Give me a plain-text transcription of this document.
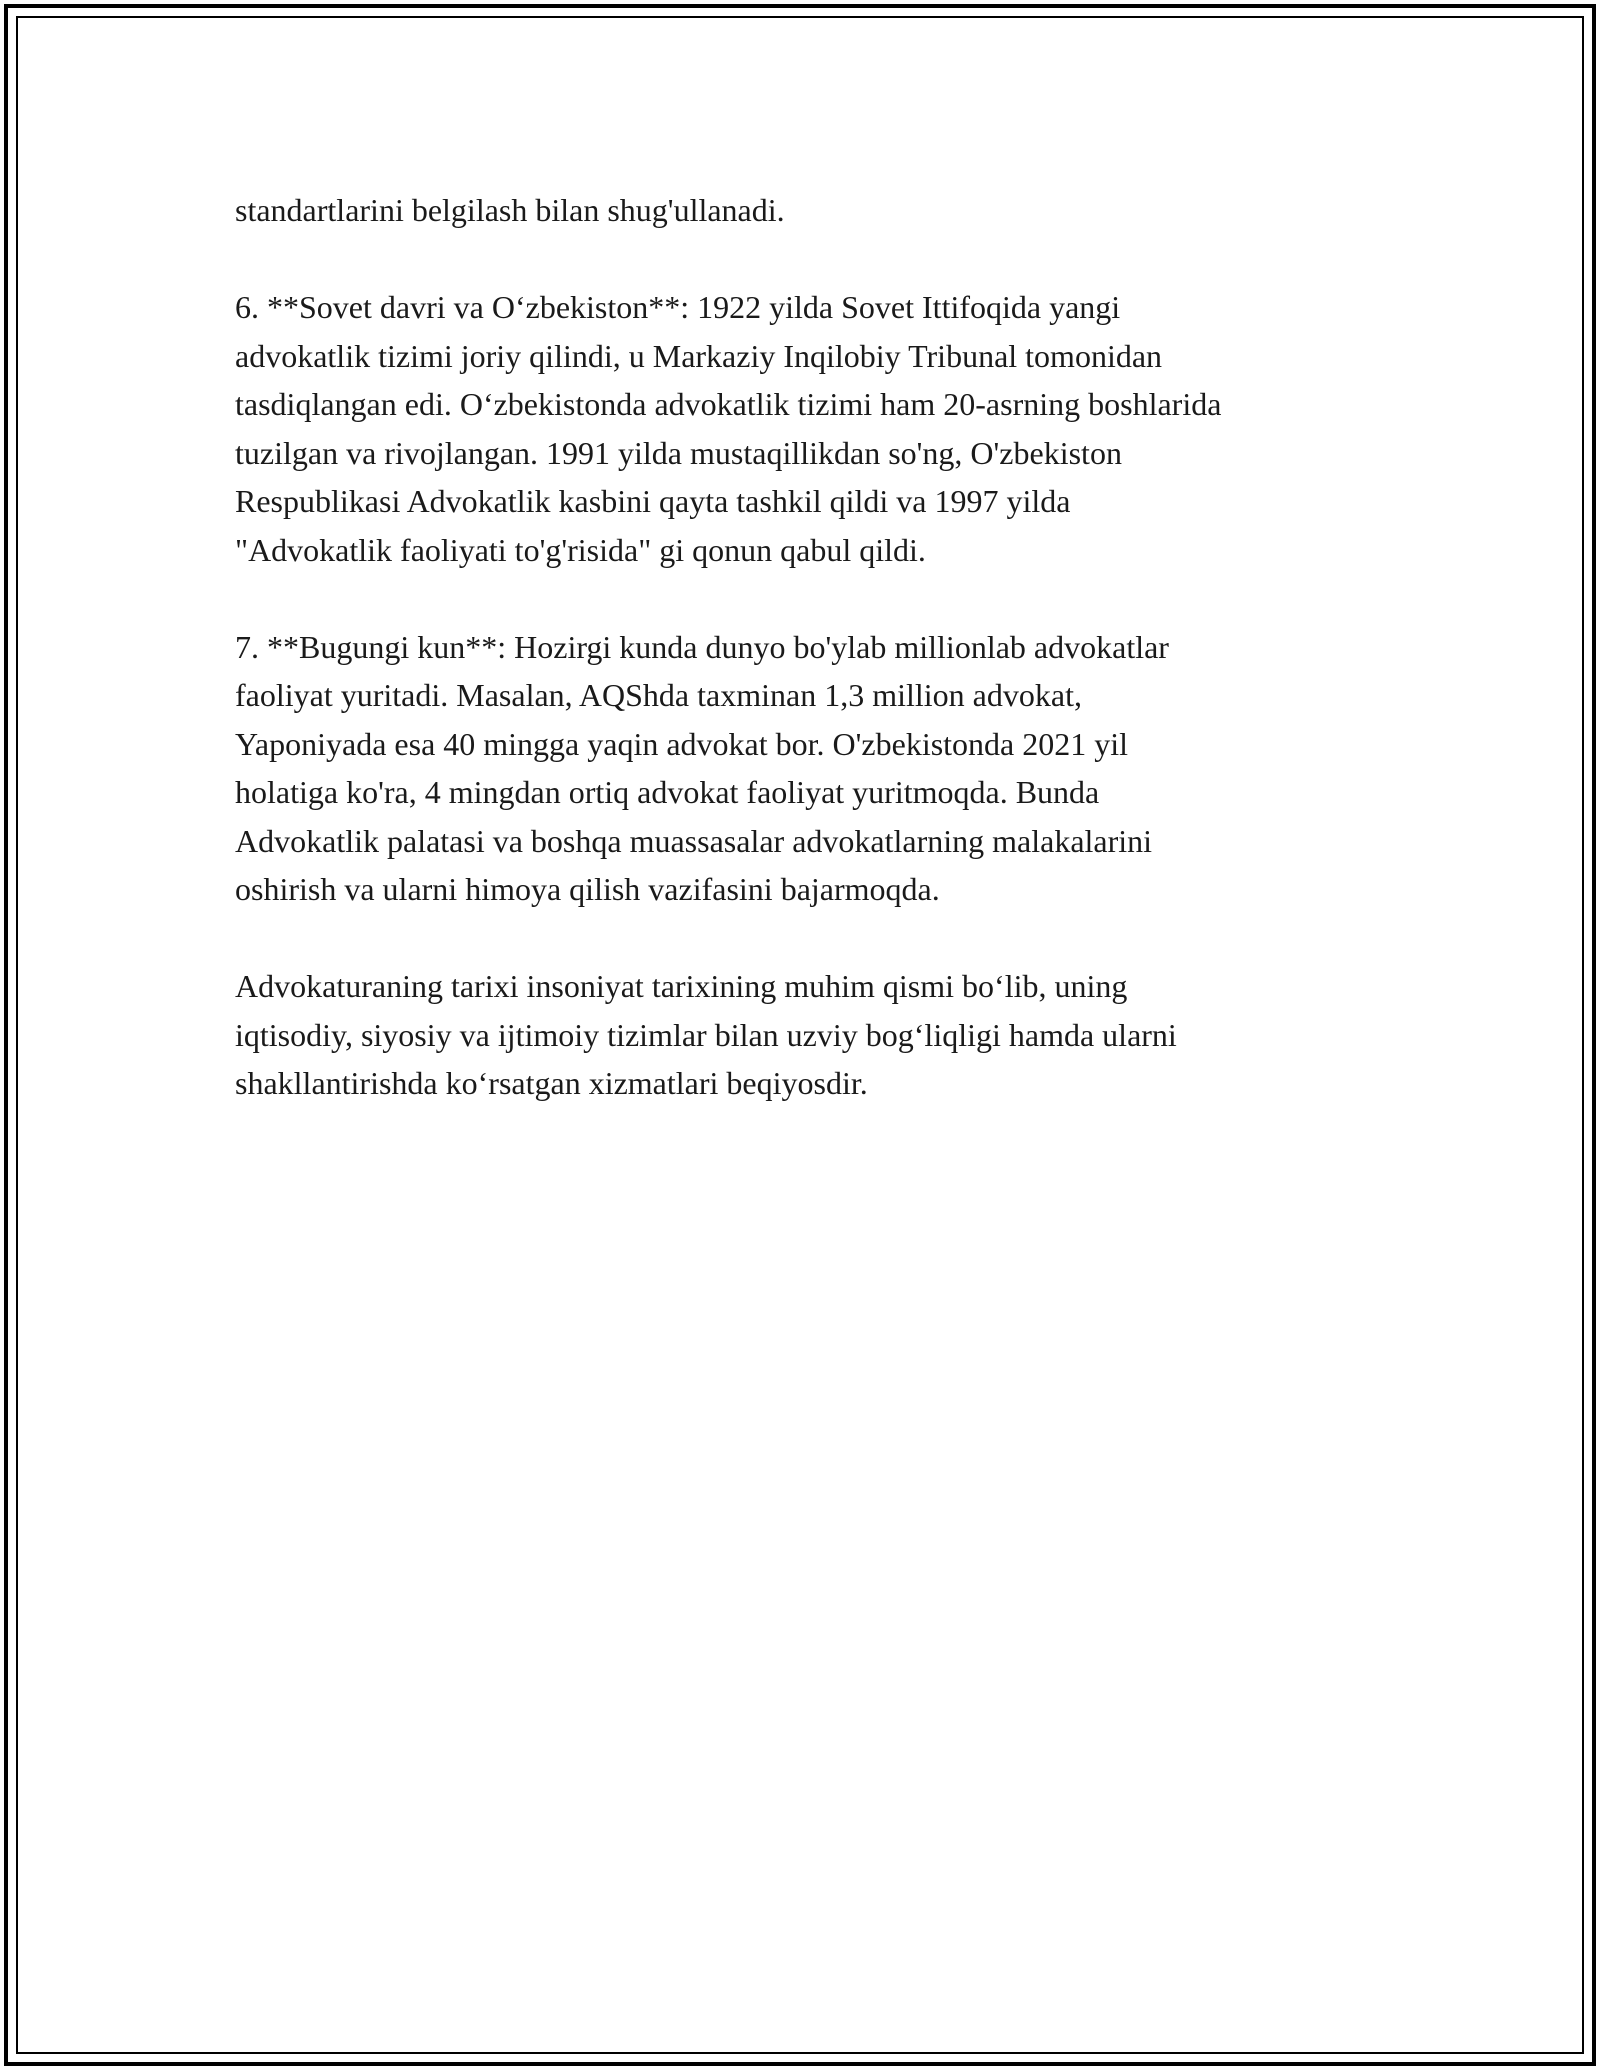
standartlarini belgilash bilan shug'ullanadi.

6. **Sovet davri va O‘zbekiston**: 1922 yilda Sovet Ittifoqida yangi
advokatlik tizimi joriy qilindi, u Markaziy Inqilobiy Tribunal tomonidan
tasdiqlangan edi. O‘zbekistonda advokatlik tizimi ham 20-asrning boshlarida
tuzilgan va rivojlangan. 1991 yilda mustaqillikdan so'ng, O'zbekiston
Respublikasi Advokatlik kasbini qayta tashkil qildi va 1997 yilda
"Advokatlik faoliyati to'g'risida" gi qonun qabul qildi.

7. **Bugungi kun**: Hozirgi kunda dunyo bo'ylab millionlab advokatlar
faoliyat yuritadi. Masalan, AQShda taxminan 1,3 million advokat,
Yaponiyada esa 40 mingga yaqin advokat bor. O'zbekistonda 2021 yil
holatiga ko'ra, 4 mingdan ortiq advokat faoliyat yuritmoqda. Bunda
Advokatlik palatasi va boshqa muassasalar advokatlarning malakalarini
oshirish va ularni himoya qilish vazifasini bajarmoqda.

Advokaturaning tarixi insoniyat tarixining muhim qismi bo‘lib, uning
iqtisodiy, siyosiy va ijtimoiy tizimlar bilan uzviy bog‘liqligi hamda ularni
shakllantirishda ko‘rsatgan xizmatlari beqiyosdir.
